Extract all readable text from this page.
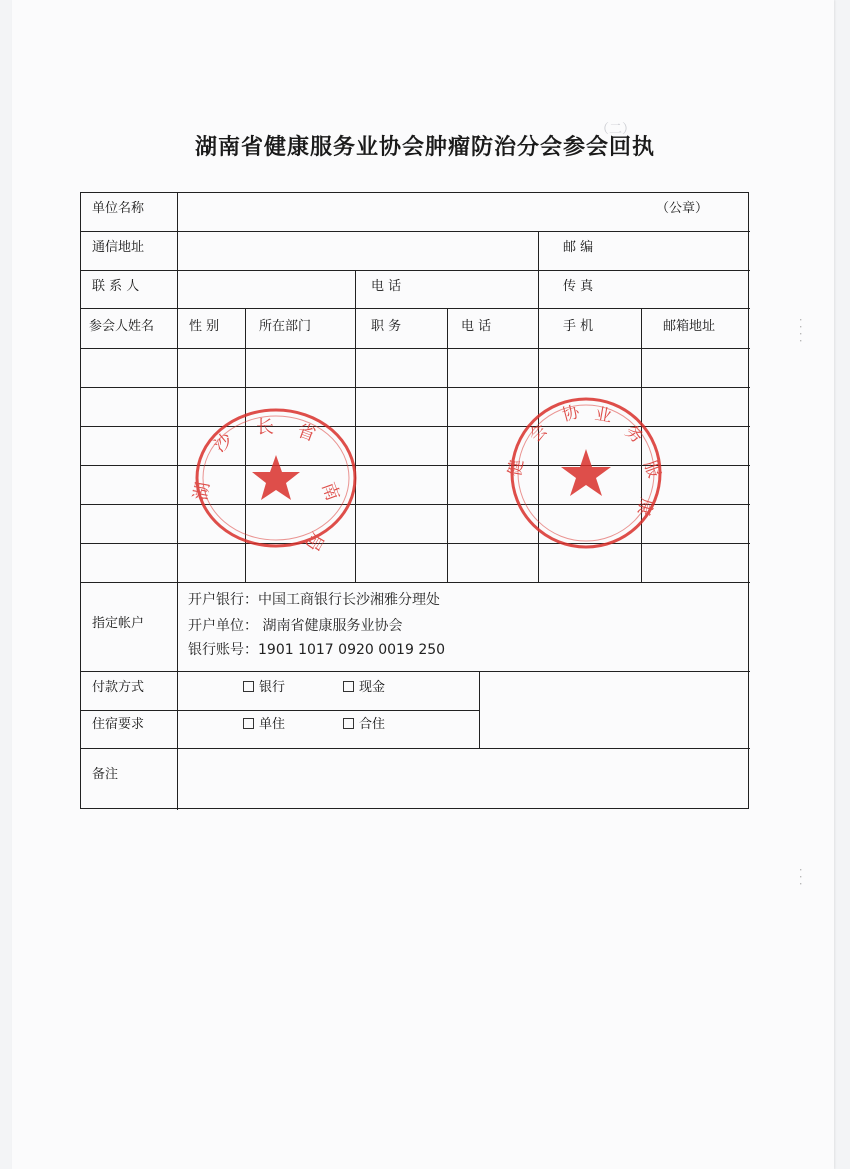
湖南省健康服务业协会肿瘤防治分会参会回执
（二）
单位名称	（公章）
通信地址	邮 编
联 系 人	电 话	传 真
参会人姓名	性 别	所在部门	职 务	电 话	手 机	邮箱地址
指定帐户
开户银行：中国工商银行长沙湘雅分理处
开户单位： 湖南省健康服务业协会
银行账号：1901 1017 0920 0019 250
付款方式	银行	现金
住宿要求	单住	合住
备注
沙
长 省
南
湖
局
会
协 业
务
服
康
健
· · · ·
· · ·
